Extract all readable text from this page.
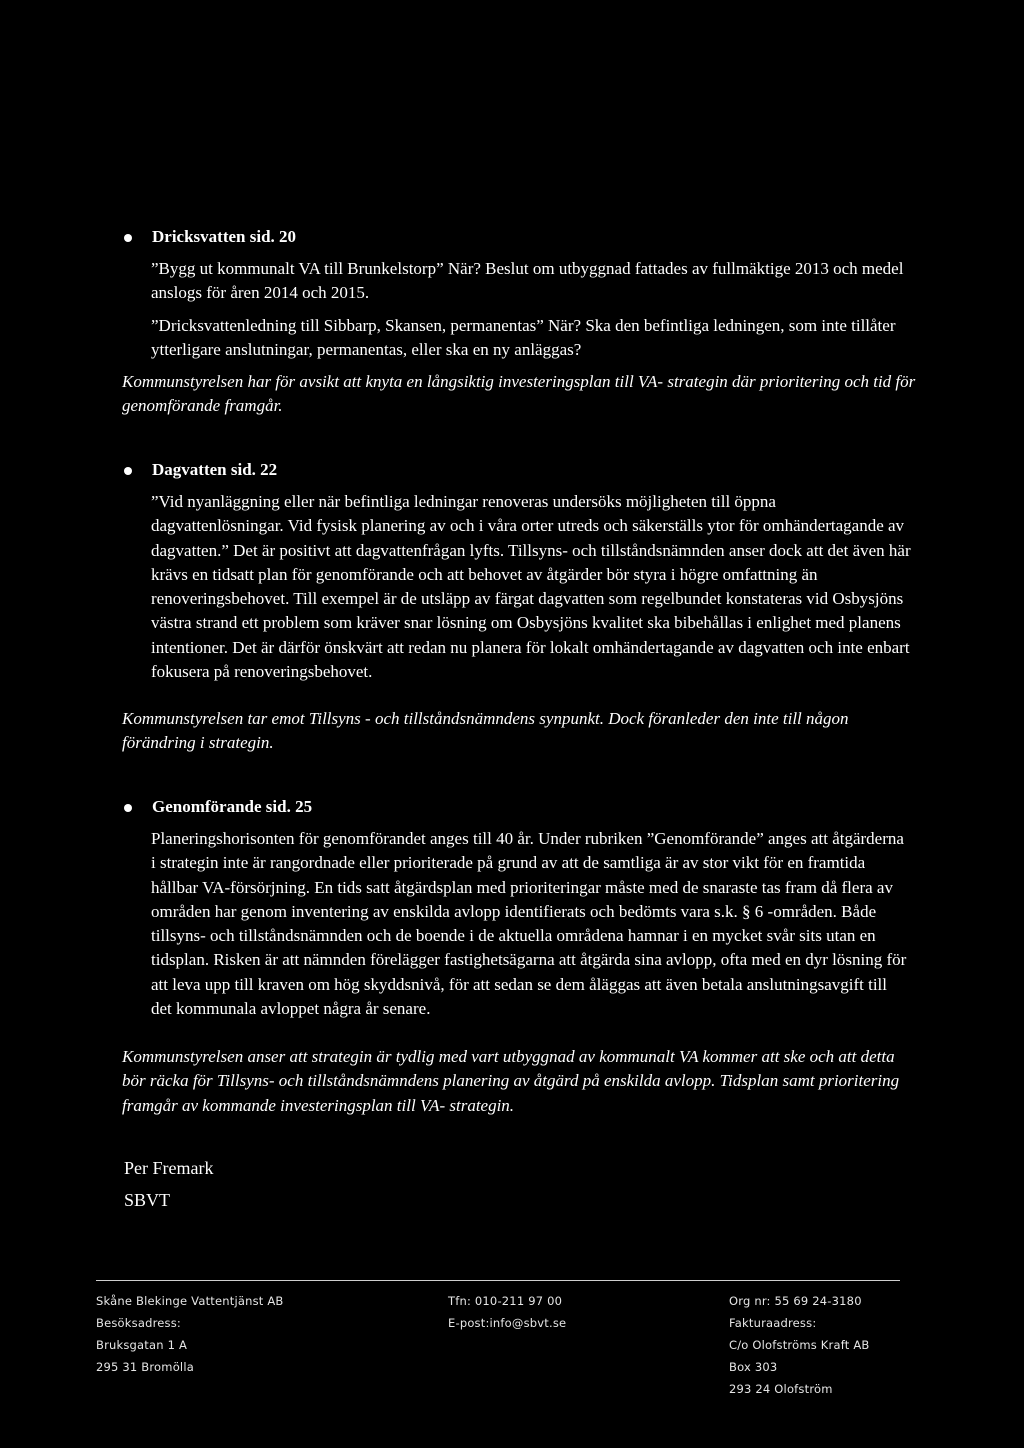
Dricksvatten sid. 20

”Bygg ut kommunalt VA till Brunkelstorp” När? Beslut om utbyggnad fattades av fullmäktige 2013 och medel anslogs för åren 2014 och 2015.

”Dricksvattenledning till Sibbarp, Skansen, permanentas” När? Ska den befintliga ledningen, som inte tillåter ytterligare anslutningar, permanentas, eller ska en ny anläggas?

Kommunstyrelsen har för avsikt att knyta en långsiktig investeringsplan till VA- strategin där prioritering och tid för genomförande framgår.

Dagvatten sid. 22

”Vid nyanläggning eller när befintliga ledningar renoveras undersöks möjligheten till öppna dagvattenlösningar. Vid fysisk planering av och i våra orter utreds och säkerställs ytor för omhändertagande av dagvatten.” Det är positivt att dagvattenfrågan lyfts. Tillsyns- och tillståndsnämnden anser dock att det även här krävs en tidsatt plan för genomförande och att behovet av åtgärder bör styra i högre omfattning än renoveringsbehovet. Till exempel är de utsläpp av färgat dagvatten som regelbundet konstateras vid Osbysjöns västra strand ett problem som kräver snar lösning om Osbysjöns kvalitet ska bibehållas i enlighet med planens intentioner. Det är därför önskvärt att redan nu planera för lokalt omhändertagande av dagvatten och inte enbart fokusera på renoveringsbehovet.

Kommunstyrelsen tar emot Tillsyns - och tillståndsnämndens synpunkt. Dock föranleder den inte till någon förändring i strategin.

Genomförande sid. 25

Planeringshorisonten för genomförandet anges till 40 år. Under rubriken ”Genomförande” anges att åtgärderna i strategin inte är rangordnade eller prioriterade på grund av att de samtliga är av stor vikt för en framtida hållbar VA-försörjning. En tids satt åtgärdsplan med prioriteringar måste med de snaraste tas fram då flera av områden har genom inventering av enskilda avlopp identifierats och bedömts vara s.k. § 6 -områden. Både tillsyns- och tillståndsnämnden och de boende i de aktuella områdena hamnar i en mycket svår sits utan en tidsplan. Risken är att nämnden förelägger fastighetsägarna att åtgärda sina avlopp, ofta med en dyr lösning för att leva upp till kraven om hög skyddsnivå, för att sedan se dem åläggas att även betala anslutningsavgift till det kommunala avloppet några år senare.

Kommunstyrelsen anser att strategin är tydlig med vart utbyggnad av kommunalt VA kommer att ske och att detta bör räcka för Tillsyns- och tillståndsnämndens planering av åtgärd på enskilda avlopp. Tidsplan samt prioritering framgår av kommande investeringsplan till VA- strategin.

Per Fremark
SBVT
Skåne Blekinge Vattentjänst AB
Besöksadress:
Bruksgatan 1 A
295 31 Bromölla
Tfn: 010-211 97 00
E-post:info@sbvt.se
Org nr: 55 69 24-3180
Fakturaadress:
C/o Olofströms Kraft AB
Box 303
293 24 Olofström
